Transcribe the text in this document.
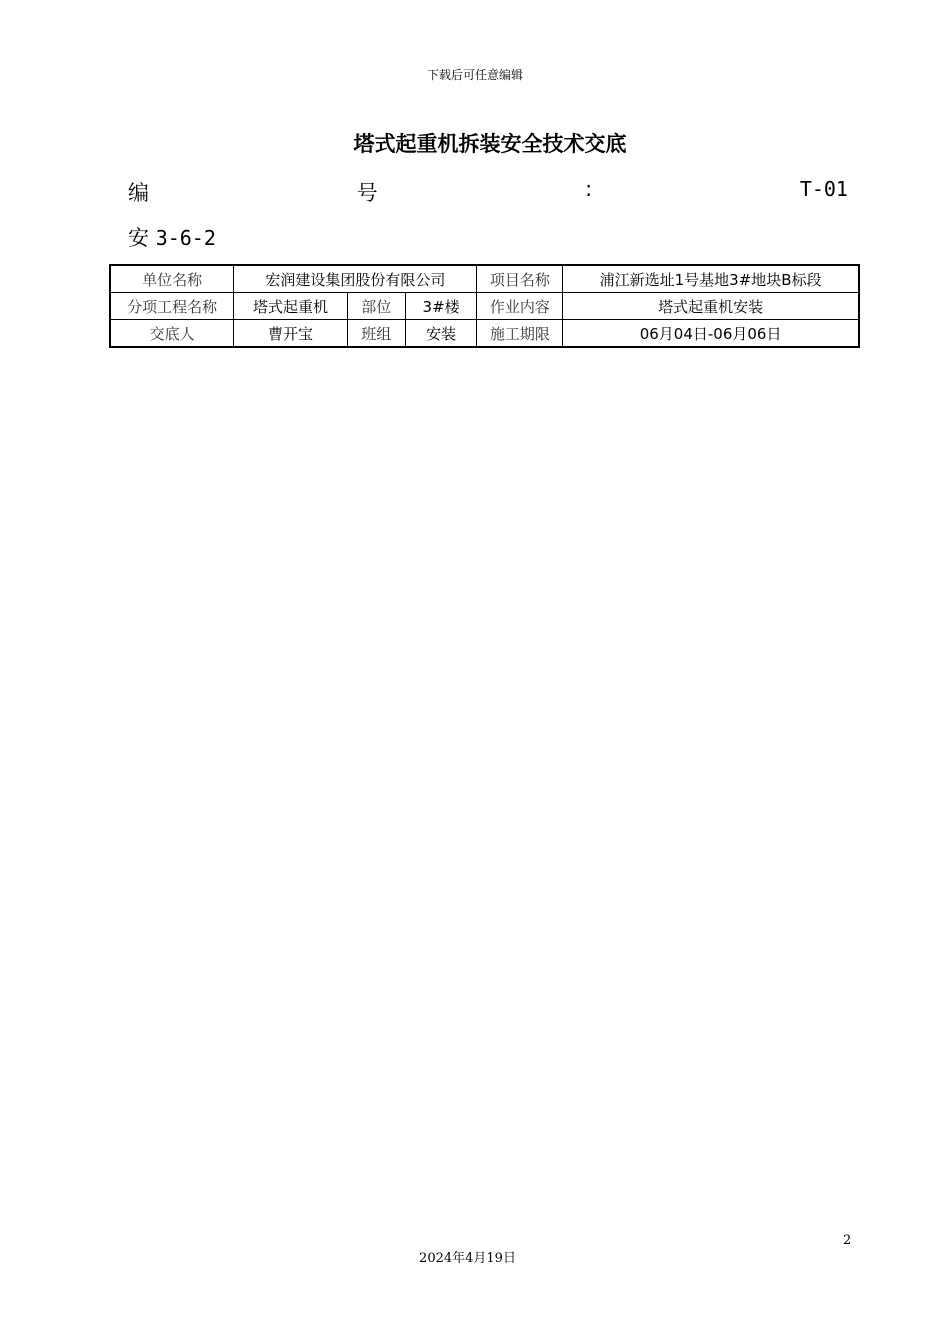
下载后可任意编辑
塔式起重机拆装安全技术交底
编	号	:	T-01
安 3-6-2
单位名称	宏润建设集团股份有限公司			项目名称	浦江新选址1号基地3#地块B标段
分项工程名称	塔式起重机	部位	3#楼	作业内容	塔式起重机安装
交底人	曹开宝	班组	安装	施工期限	06月04日-06月06日
2
2024年4月19日
